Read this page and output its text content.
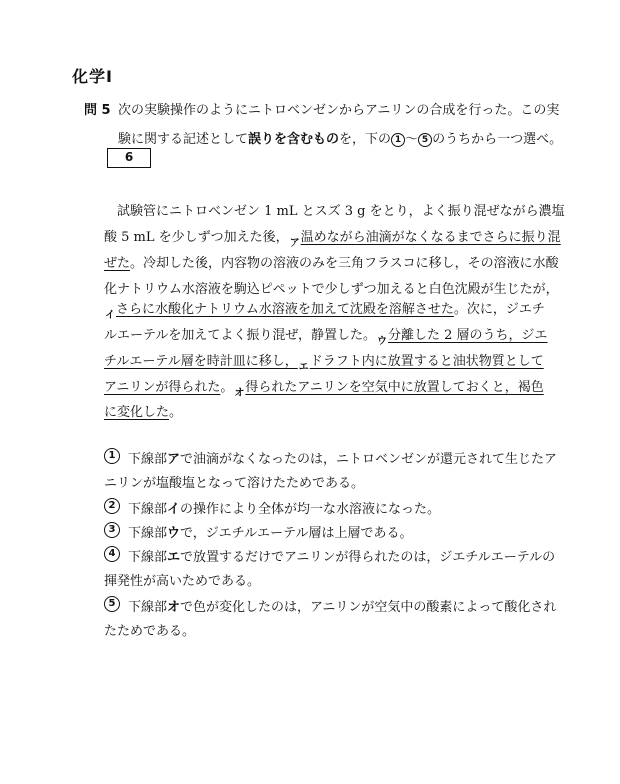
化学Ⅰ
問 5 次の実験操作のようにニトロベンゼンからアニリンの合成を行った。この実
験に関する記述として誤りを含むものを，下の 1 ～ 5 のうちから一つ選べ。
6
試験管にニトロベンゼン 1 mL とスズ 3 g をとり，よく振り混ぜながら濃塩
酸 5 mL を少しずつ加えた後，$_ア$温めながら油滴がなくなるまでさらに振り混
ぜた。冷却した後，内容物の溶液のみを三角フラスコに移し，その溶液に水酸
化ナトリウム水溶液を駒込ピペットで少しずつ加えると白色沈殿が生じたが，
$_イ$さらに水酸化ナトリウム水溶液を加えて沈殿を溶解させた。次に，ジエチ
ルエーテルを加えてよく振り混ぜ，静置した。$_ウ$分離した 2 層のうち，ジエ
チルエーテル層を時計皿に移し，$_エ$ドラフト内に放置すると油状物質として
アニリンが得られた。$_オ$得られたアニリンを空気中に放置しておくと，褐色
に変化した。
1 下線部アで油滴がなくなったのは，ニトロベンゼンが還元されて生じたア
ニリンが塩酸塩となって溶けたためである。
2 下線部イの操作により全体が均一な水溶液になった。
3 下線部ウで，ジエチルエーテル層は上層である。
4 下線部エで放置するだけでアニリンが得られたのは，ジエチルエーテルの
揮発性が高いためである。
5 下線部オで色が変化したのは，アニリンが空気中の酸素によって酸化され
たためである。
